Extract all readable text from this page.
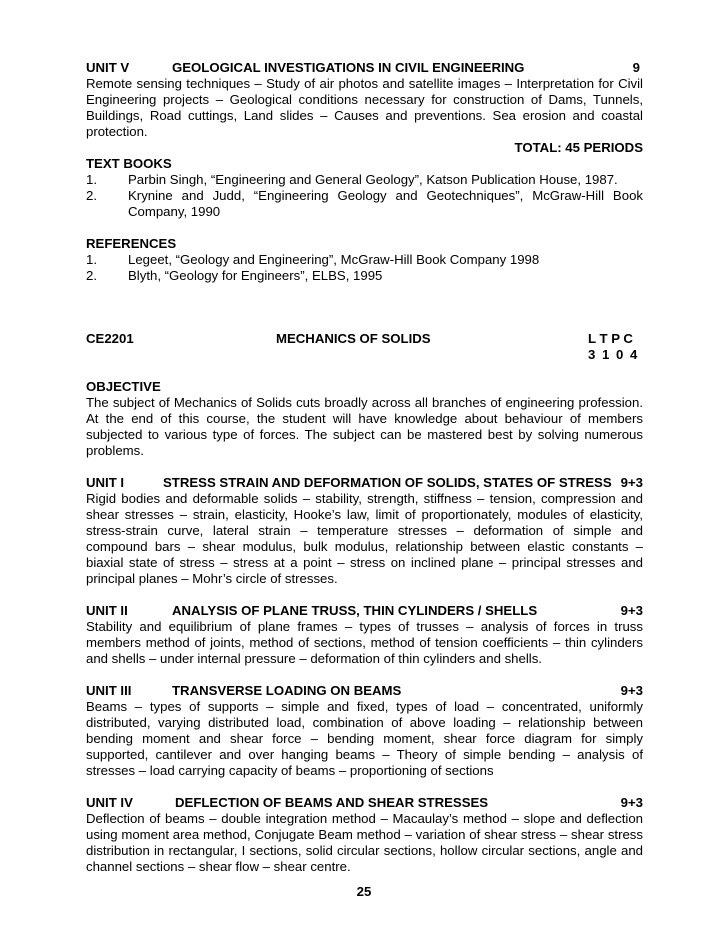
UNIT V	GEOLOGICAL INVESTIGATIONS IN CIVIL ENGINEERING	9
Remote sensing techniques – Study of air photos and satellite images – Interpretation for Civil Engineering projects – Geological conditions necessary for construction of Dams, Tunnels, Buildings, Road cuttings, Land slides – Causes and preventions. Sea erosion and coastal protection.
TOTAL: 45 PERIODS
TEXT BOOKS
1.	Parbin Singh, “Engineering and General Geology”, Katson Publication House, 1987.
2.	Krynine and Judd, “Engineering Geology and Geotechniques”, McGraw-Hill Book Company, 1990
REFERENCES
1.	Legeet, “Geology and Engineering”, McGraw-Hill Book Company 1998
2.	Blyth, “Geology for Engineers”, ELBS, 1995
CE2201	MECHANICS OF SOLIDS	L T P C
3 1 0 4
OBJECTIVE
The subject of Mechanics of Solids cuts broadly across all branches of engineering profession. At the end of this course, the student will have knowledge about behaviour of members subjected to various type of forces. The subject can be mastered best by solving numerous problems.
UNIT I	STRESS STRAIN AND DEFORMATION OF SOLIDS, STATES OF STRESS 9+3
Rigid bodies and deformable solids – stability, strength, stiffness – tension, compression and shear stresses – strain, elasticity, Hooke’s law, limit of proportionately, modules of elasticity, stress-strain curve, lateral strain – temperature stresses – deformation of simple and compound bars – shear modulus, bulk modulus, relationship between elastic constants – biaxial state of stress – stress at a point – stress on inclined plane – principal stresses and principal planes – Mohr’s circle of stresses.
UNIT II	ANALYSIS OF PLANE TRUSS, THIN CYLINDERS / SHELLS	9+3
Stability and equilibrium of plane frames – types of trusses – analysis of forces in truss members method of joints, method of sections, method of tension coefficients – thin cylinders and shells – under internal pressure – deformation of thin cylinders and shells.
UNIT III	TRANSVERSE LOADING ON BEAMS	9+3
Beams – types of supports – simple and fixed, types of load – concentrated, uniformly distributed, varying distributed load, combination of above loading – relationship between bending moment and shear force – bending moment, shear force diagram for simply supported, cantilever and over hanging beams – Theory of simple bending – analysis of stresses – load carrying capacity of beams – proportioning of sections
UNIT IV	DEFLECTION OF BEAMS AND SHEAR STRESSES	9+3
Deflection of beams – double integration method – Macaulay’s method – slope and deflection using moment area method, Conjugate Beam method – variation of shear stress – shear stress distribution in rectangular, I sections, solid circular sections, hollow circular sections, angle and channel sections – shear flow – shear centre.
25
